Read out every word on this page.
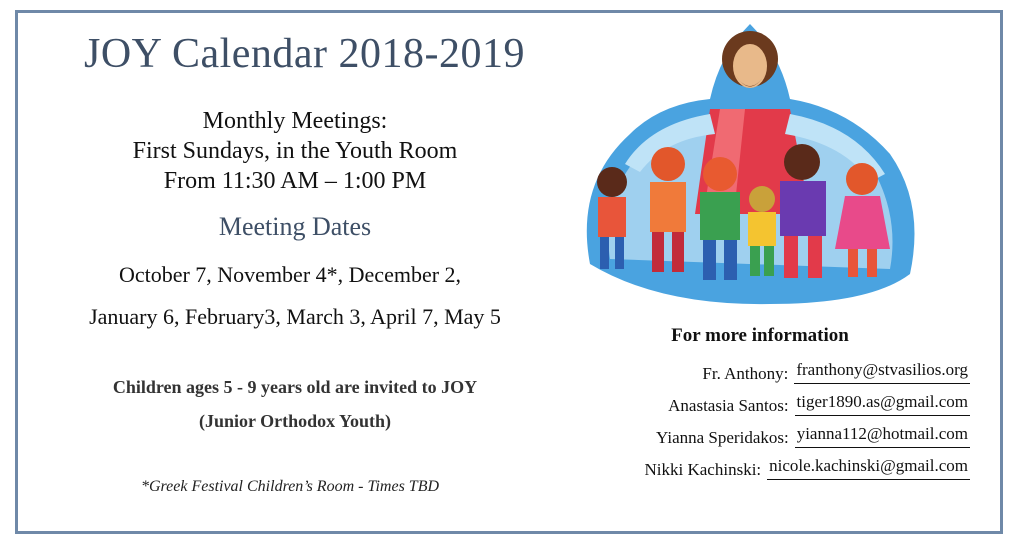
JOY Calendar 2018-2019
Monthly Meetings:
First Sundays, in the Youth Room
From 11:30 AM – 1:00 PM
Meeting Dates
October 7, November 4*, December 2,
January 6, February3, March 3, April 7, May 5
Children ages 5 - 9 years old are invited to JOY
(Junior Orthodox Youth)
*Greek Festival Children’s Room - Times TBD
For more information
Fr. Anthony: franthony@stvasilios.org
Anastasia Santos: tiger1890.as@gmail.com
Yianna Speridakos: yianna112@hotmail.com
Nikki Kachinski: nicole.kachinski@gmail.com
